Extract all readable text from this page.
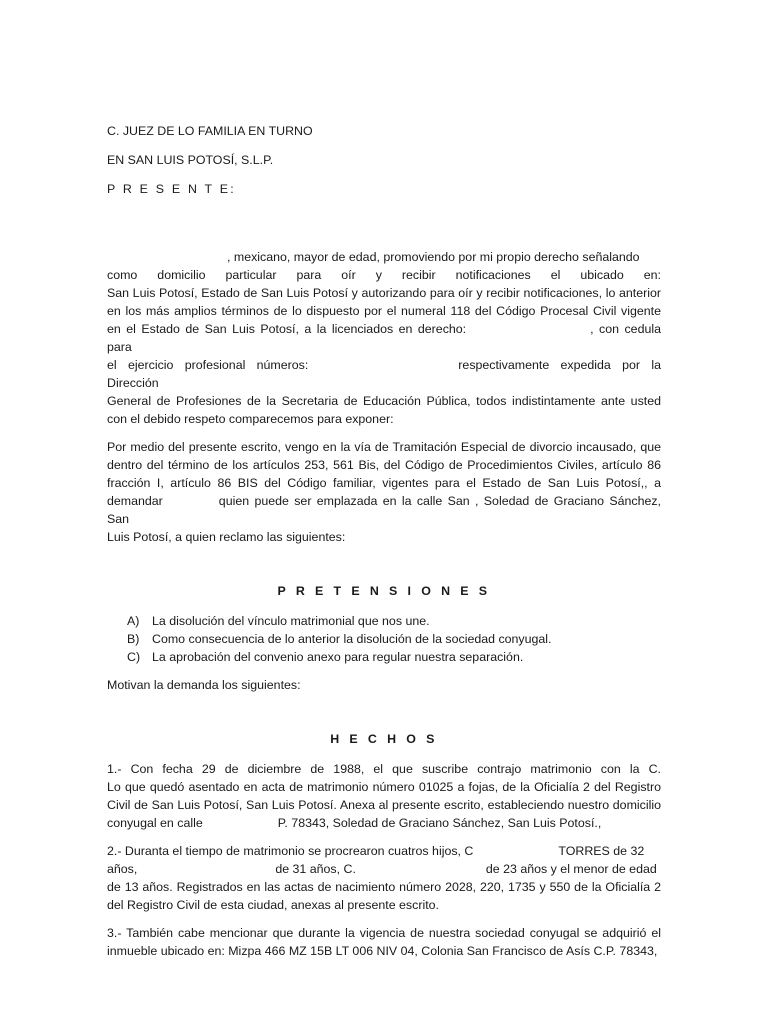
C. JUEZ DE LO FAMILIA EN TURNO
EN SAN LUIS POTOSÍ, S.L.P.
P R E S E N T E:
, mexicano, mayor de edad, promoviendo por mi propio derecho señalando
como domicilio particular para oír y recibir notificaciones el ubicado en:
San Luis Potosí, Estado de San Luis Potosí y autorizando para oír y recibir notificaciones, lo anterior
en los más amplios términos de lo dispuesto por el numeral 118 del Código Procesal Civil vigente
en el Estado de San Luis Potosí, a la licenciados en derecho:	, con cedula para
el ejercicio profesional números:	respectivamente expedida por la Dirección
General de Profesiones de la Secretaria de Educación Pública, todos indistintamente ante usted
con el debido respeto comparecemos para exponer:
Por medio del presente escrito, vengo en la vía de Tramitación Especial de divorcio incausado, que
dentro del término de los artículos 253, 561 Bis, del Código de Procedimientos Civiles, artículo 86
fracción I, artículo 86 BIS del Código familiar, vigentes para el Estado de San Luis Potosí,, a
demandar	quien puede ser emplazada en la calle San , Soledad de Graciano Sánchez, San
Luis Potosí, a quien reclamo las siguientes:
P R E T E N S I O N E S
A)	La disolución del vínculo matrimonial que nos une.
B)	Como consecuencia de lo anterior la disolución de la sociedad conyugal.
C) La aprobación del convenio anexo para regular nuestra separación.
Motivan la demanda los siguientes:
H E C H O S
1.- Con fecha 29 de diciembre de 1988, el que suscribe contrajo matrimonio con la C.
Lo que quedó asentado en acta de matrimonio número 01025 a fojas, de la Oficialía 2 del Registro
Civil de San Luis Potosí, San Luis Potosí. Anexa al presente escrito, estableciendo nuestro domicilio
conyugal en calle	P. 78343, Soledad de Graciano Sánchez, San Luis Potosí.,
2.- Duranta el tiempo de matrimonio se procrearon cuatros hijos, C	TORRES de 32
años,	de 31 años, C.	de 23 años y el menor de edad
de 13 años. Registrados en las actas de nacimiento número 2028, 220, 1735 y 550 de la Oficialía 2
del Registro Civil de esta ciudad, anexas al presente escrito.
3.- También cabe mencionar que durante la vigencia de nuestra sociedad conyugal se adquirió el
inmueble ubicado en: Mizpa 466 MZ 15B LT 006 NIV 04, Colonia San Francisco de Asís C.P. 78343,
